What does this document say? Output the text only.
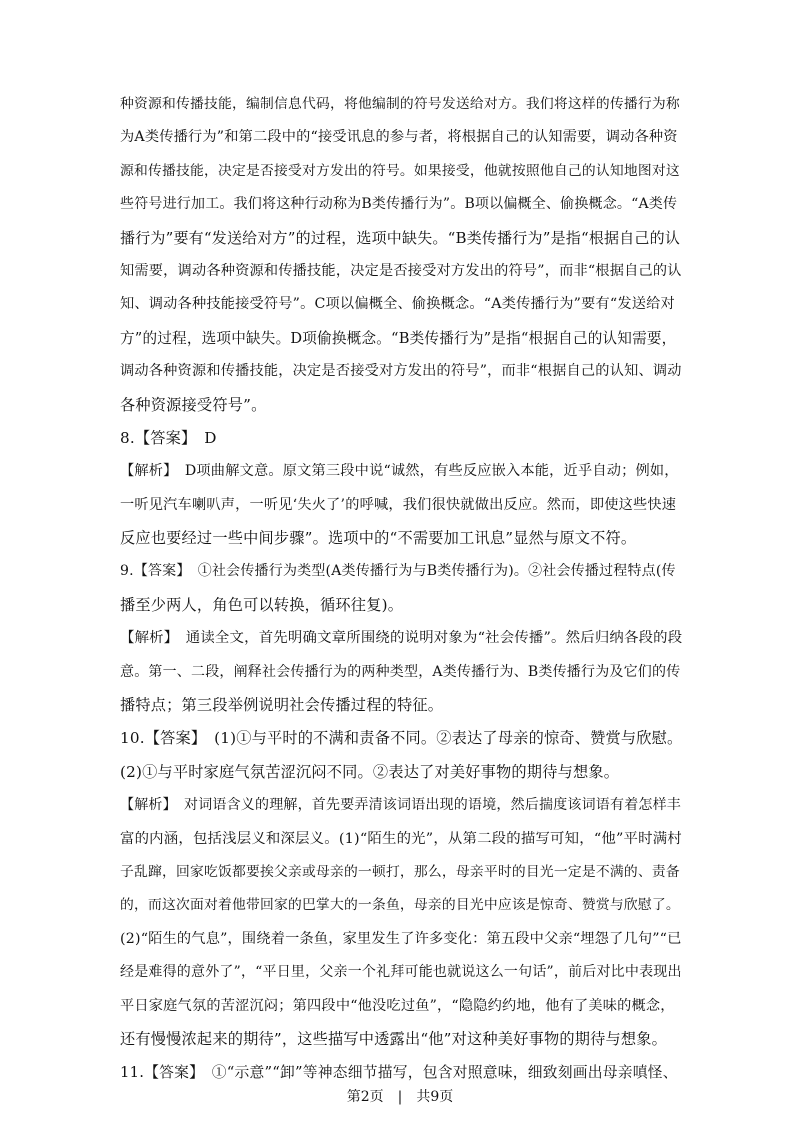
种资源和传播技能，编制信息代码，将他编制的符号发送给对方。我们将这样的传播行为称
为A类传播行为”和第二段中的“接受讯息的参与者，将根据自己的认知需要，调动各种资
源和传播技能，决定是否接受对方发出的符号。如果接受，他就按照他自己的认知地图对这
些符号进行加工。我们将这种行动称为B类传播行为”。B项以偏概全、偷换概念。“A类传
播行为”要有“发送给对方”的过程，选项中缺失。“B类传播行为”是指“根据自己的认
知需要，调动各种资源和传播技能，决定是否接受对方发出的符号”，而非“根据自己的认
知、调动各种技能接受符号”。C项以偏概全、偷换概念。“A类传播行为”要有“发送给对
方”的过程，选项中缺失。D项偷换概念。“B类传播行为”是指“根据自己的认知需要，
调动各种资源和传播技能，决定是否接受对方发出的符号”，而非“根据自己的认知、调动
各种资源接受符号”。
8.【答案】　D
【解析】　D项曲解文意。原文第三段中说“诚然，有些反应嵌入本能，近乎自动；例如，
一听见汽车喇叭声，一听见‘失火了’的呼喊，我们很快就做出反应。然而，即使这些快速
反应也要经过一些中间步骤”。选项中的“不需要加工讯息”显然与原文不符。
9.【答案】　①社会传播行为类型(A类传播行为与B类传播行为)。②社会传播过程特点(传
播至少两人，角色可以转换，循环往复)。
【解析】　通读全文，首先明确文章所围绕的说明对象为“社会传播”。然后归纳各段的段
意。第一、二段，阐释社会传播行为的两种类型，A类传播行为、B类传播行为及它们的传
播特点；第三段举例说明社会传播过程的特征。
10.【答案】　(1)①与平时的不满和责备不同。②表达了母亲的惊奇、赞赏与欣慰。
(2)①与平时家庭气氛苦涩沉闷不同。②表达了对美好事物的期待与想象。
【解析】　对词语含义的理解，首先要弄清该词语出现的语境，然后揣度该词语有着怎样丰
富的内涵，包括浅层义和深层义。(1)“陌生的光”，从第二段的描写可知，“他”平时满村
子乱蹿，回家吃饭都要挨父亲或母亲的一顿打，那么，母亲平时的目光一定是不满的、责备
的，而这次面对着他带回家的巴掌大的一条鱼，母亲的目光中应该是惊奇、赞赏与欣慰了。
(2)“陌生的气息”，围绕着一条鱼，家里发生了许多变化：第五段中父亲“埋怨了几句”“已
经是难得的意外了”，“平日里，父亲一个礼拜可能也就说这么一句话”，前后对比中表现出
平日家庭气氛的苦涩沉闷；第四段中“他没吃过鱼”，“隐隐约约地，他有了美味的概念，
还有慢慢浓起来的期待”，这些描写中透露出“他”对这种美好事物的期待与想象。
11.【答案】　①“示意”“卸”等神态细节描写，包含对照意味，细致刻画出母亲嗔怪、
第2页　|　共9页
